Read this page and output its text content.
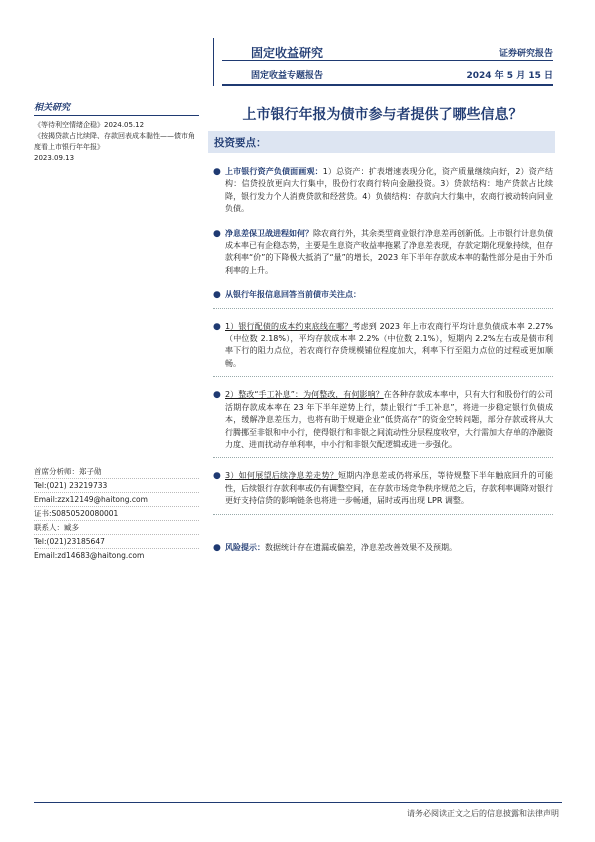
固定收益研究
固定收益专题报告
证券研究报告
2024 年 5 月 15 日
相关研究
《等待利空情绪企稳》2024.05.12
《按揭贷款占比续降、存款回表成本黏性——债市角度看上市银行年年报》
2023.09.13
首席分析师：郑子勋
Tel:(021) 23219733
Email:zzx12149@haitong.com
证书:S0850520080001
联系人：臧多
Tel:(021)23185647
Email:zd14683@haitong.com
上市银行年报为债市参与者提供了哪些信息？
投资要点：
● 上市银行资产负债面画观：1）总资产：扩表增速表现分化，资产质量继续向好，2）资产结构：信贷投放更向大行集中，股份行农商行转向金融投资。3）贷款结构：地产贷款占比续降，银行发力个人消费贷款和经营贷。4）负债结构：存款向大行集中，农商行被动转向同业负债。
● 净息差保卫战进程如何？除农商行外，其余类型商业银行净息差再创新低。上市银行计息负债成本率已有企稳态势，主要是生息资产收益率拖累了净息差表现，存款定期化现象持续，但存款利率“价”的下降极大抵消了“量”的增长，2023 年下半年存款成本率的黏性部分是由于外币利率的上升。
● 从银行年报信息回答当前债市关注点：
● 1）银行配债的成本约束底线在哪？考虑到 2023 年上市农商行平均计息负债成本率 2.27%（中位数 2.18%），平均存款成本率 2.2%（中位数 2.1%），短期内 2.2%左右或是债市利率下行的阻力点位，若农商行存贷规模铺位程度加大，利率下行至阻力点位的过程或更加顺畅。
● 2）整改“手工补息”：为何整改，有何影响？在各种存款成本率中，只有大行和股份行的公司活期存款成本率在 23 年下半年逆势上行，禁止银行“手工补息”，将进一步稳定银行负债成本，缓解净息差压力，也将有助于规避企业“低贷高存”的资金空转问题，部分存款或将从大行腾挪至非银和中小行，使得银行和非银之间流动性分层程度收窄，大行需加大存单的净融资力度、进而扰动存单利率，中小行和非银欠配逻辑或进一步强化。
● 3）如何展望后续净息差走势？短期内净息差或仍将承压，等待规整下半年触底回升的可能性，后续银行存款利率或仍有调整空间，在存款市场竞争秩序规范之后，存款利率调降对银行更好支持信贷的影响链条也将进一步畅通，届时或再出现 LPR 调整。
● 风险提示：数据统计存在遗漏或偏差，净息差改善效果不及预期。
请务必阅读正文之后的信息披露和法律声明
